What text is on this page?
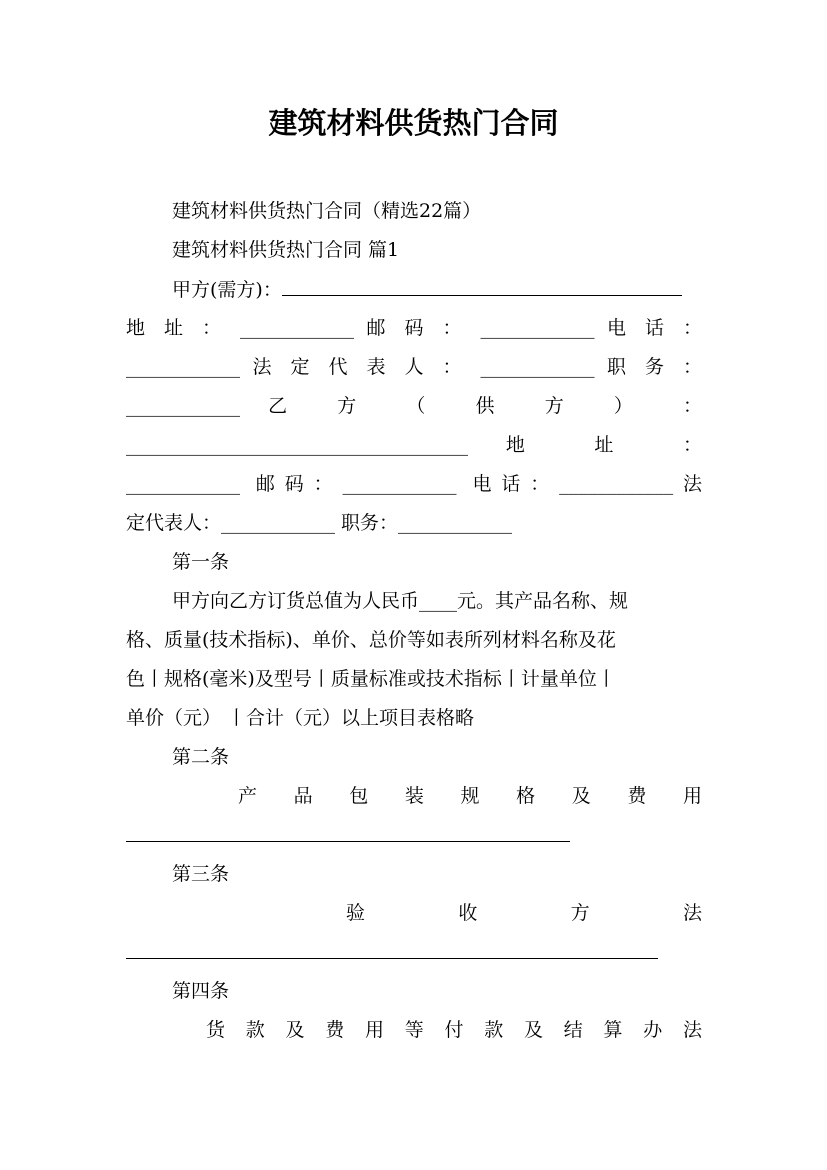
建筑材料供货热门合同
建筑材料供货热门合同（精选22篇）
建筑材料供货热门合同 篇1
甲方(需方)：
地 址 ： ____________ 邮 码 ： ____________ 电 话 ：
____________ 法 定 代 表 人 ： ____________ 职 务 ：
____________ 乙 方 （ 供 方 ） ：
____________________________________ 地 址 ：
____________ 邮码：____________ 电话：____________法
定代表人：____________ 职务：____________
第一条
甲方向乙方订货总值为人民币____元。其产品名称、规
格、质量(技术指标)、单价、总价等如表所列材料名称及花
色丨规格(毫米)及型号丨质量标准或技术指标丨计量单位丨
单价（元） 丨合计（元）以上项目表格略
第二条
产 品 包 装 规 格 及 费 用
第三条
验 收 方 法
第四条
货 款 及 费 用 等 付 款 及 结 算 办 法
